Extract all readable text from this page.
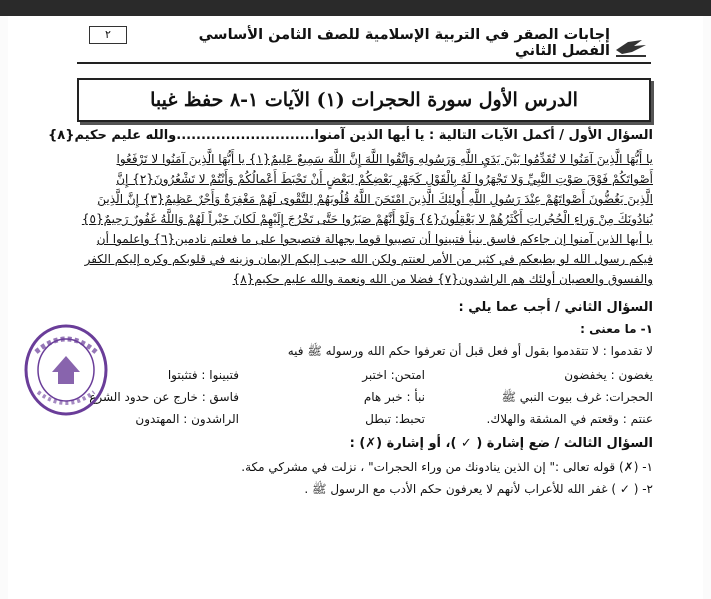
٢	إجابات الصقر في التربية الإسلامية للصف الثامن الأساسي الفصل الثاني
الدرس الأول سورة الحجرات (١) الآيات ١-٨ حفظ غيبا
السؤال الأول / أكمل الآيات التالية : يا أيها الذين آمنوا............................والله عليم حكيم{٨}
يا أَيُّهَا الَّذِينَ آمَنُوا لا تُقَدِّمُوا بَيْنَ يَدَيِ اللَّهِ وَرَسُولِهِ وَاتَّقُوا اللَّهَ إِنَّ اللَّهَ سَمِيعٌ عَلِيمٌ{١} يا أَيُّهَا الَّذِينَ آمَنُوا لا تَرْفَعُوا
أَصْواتَكُمْ فَوْقَ صَوْتِ النَّبِيِّ وَلا تَجْهَرُوا لَهُ بِالْقَوْلِ كَجَهْرِ بَعْضِكُمْ لِبَعْضٍ أَنْ تَحْبَطَ أَعْمالُكُمْ وَأَنْتُمْ لا تَشْعُرُونَ{٢} إِنَّ
الَّذِينَ يَغُضُّونَ أَصْواتَهُمْ عِنْدَ رَسُولِ اللَّهِ أُولئِكَ الَّذِينَ امْتَحَنَ اللَّهُ قُلُوبَهُمْ لِلتَّقْوى لَهُمْ مَغْفِرَةٌ وَأَجْرٌ عَظِيمٌ{٣} إِنَّ الَّذِينَ
يُنادُونَكَ مِنْ وَراءِ الْحُجُراتِ أَكْثَرُهُمْ لا يَعْقِلُونَ{٤} وَلَوْ أَنَّهُمْ صَبَرُوا حَتَّى تَخْرُجَ إِلَيْهِمْ لَكانَ خَيْراً لَهُمْ وَاللَّهُ غَفُورٌ رَحِيمٌ{٥}
يا أيها الذين آمنوا إن جاءكم فاسق بنبأ فتبينوا أن تصيبوا قوما بجهالة فتصبحوا على ما فعلتم نادمين{٦} واعلموا أن
فيكم رسول الله لو يطيعكم في كثير من الأمر لعنتم ولكن الله حبب إليكم الإيمان وزينه في قلوبكم وكره إليكم الكفر
والفسوق والعصيان أولئك هم الراشدون{٧} فضلا من الله ونعمة والله عليم حكيم{٨}
السؤال الثاني / أجب عما يلي :
١- ما معنى :
لا تقدموا : لا تتقدموا بقول أو فعل قبل أن تعرفوا حكم الله ورسوله ﷺ فيه
يغضون : يخفضون
امتحن: اختبر
فتبينوا : فتثبتوا
الحجرات: غرف بيوت النبي ﷺ
نبأ : خبر هام
فاسق : خارج عن حدود الشرع
عنتم : وقعتم في المشقة والهلاك.
تحبط: تبطل
الراشدون : المهتدون
السؤال الثالث / ضع إشارة ( ✓ )، أو إشارة (✗) :
١- (✗) قوله تعالى :" إن الذين ينادونك من وراء الحجرات" ، نزلت في مشركي مكة.
٢- ( ✓ ) غفر الله للأعراب لأنهم لا يعرفون حكم الأدب مع الرسول ﷺ .
